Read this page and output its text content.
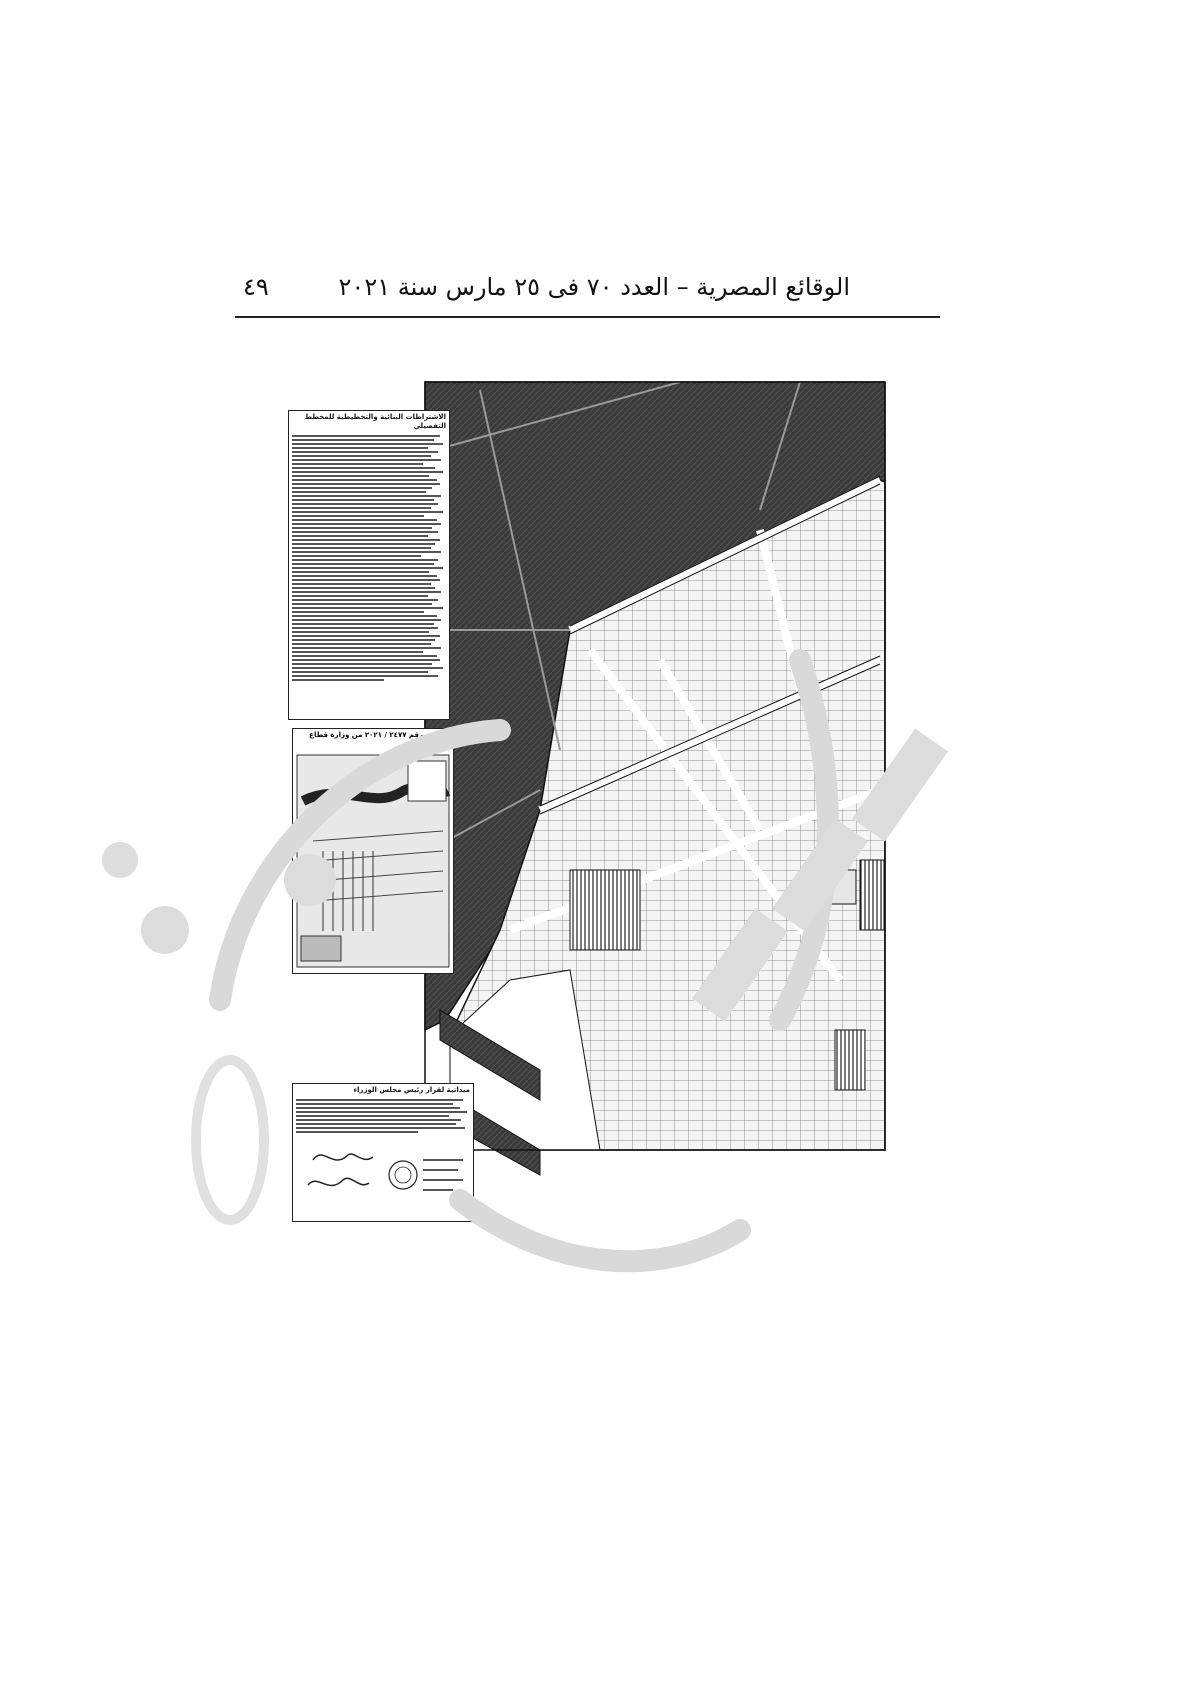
الوقائع المصرية – العدد ٧٠ فى ٢٥ مارس سنة ٢٠٢١
٤٩
الاشتراطات البنائية والتخطيطية للمخطط التفصيلي
مرفقة برقم ٢٤٧٧ / ٢٠٢١ من وزارة قطاع إسكان
ميدانية لقرار رئيس مجلس الوزراء
